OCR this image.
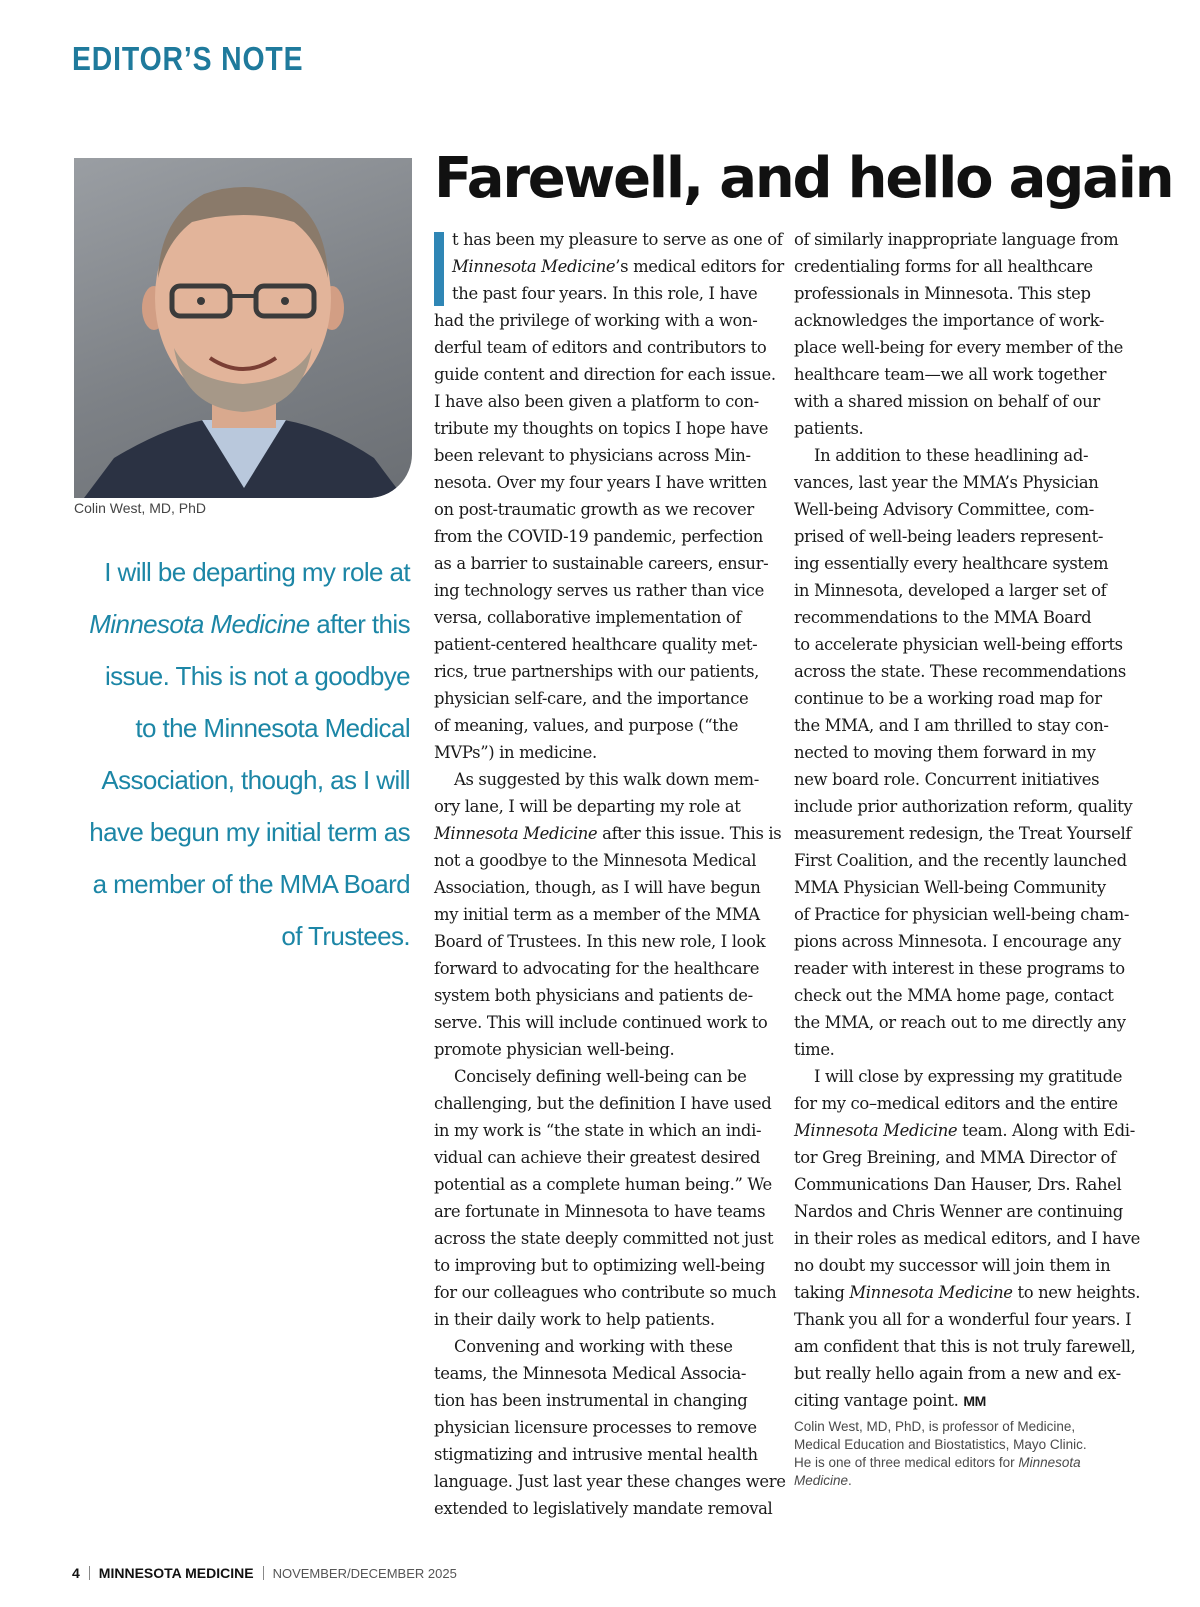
EDITOR’S NOTE
Colin West, MD, PhD
I will be departing my role at
Minnesota Medicine after this
issue. This is not a goodbye
to the Minnesota Medical
Association, though, as I will
have begun my initial term as
a member of the MMA Board
of Trustees.
Farewell, and hello again

t has been my pleasure to serve as one of
Minnesota Medicine’s medical editors for
the past four years. In this role, I have
had the privilege of working with a won-
derful team of editors and contributors to
guide content and direction for each issue.
I have also been given a platform to con-
tribute my thoughts on topics I hope have
been relevant to physicians across Min-
nesota. Over my four years I have written
on post-traumatic growth as we recover
from the COVID-19 pandemic, perfection
as a barrier to sustainable careers, ensur-
ing technology serves us rather than vice
versa, collaborative implementation of
patient-centered healthcare quality met-
rics, true partnerships with our patients,
physician self-care, and the importance
of meaning, values, and purpose (“the
MVPs”) in medicine.

As suggested by this walk down mem-
ory lane, I will be departing my role at
Minnesota Medicine after this issue. This is
not a goodbye to the Minnesota Medical
Association, though, as I will have begun
my initial term as a member of the MMA
Board of Trustees. In this new role, I look
forward to advocating for the healthcare
system both physicians and patients de-
serve. This will include continued work to
promote physician well-being.

Concisely defining well-being can be
challenging, but the definition I have used
in my work is “the state in which an indi-
vidual can achieve their greatest desired
potential as a complete human being.” We
are fortunate in Minnesota to have teams
across the state deeply committed not just
to improving but to optimizing well-being
for our colleagues who contribute so much
in their daily work to help patients.

Convening and working with these
teams, the Minnesota Medical Associa-
tion has been instrumental in changing
physician licensure processes to remove
stigmatizing and intrusive mental health
language. Just last year these changes were
extended to legislatively mandate removal

of similarly inappropriate language from
credentialing forms for all healthcare
professionals in Minnesota. This step
acknowledges the importance of work-
place well-being for every member of the
healthcare team—we all work together
with a shared mission on behalf of our
patients.

In addition to these headlining ad-
vances, last year the MMA’s Physician
Well-being Advisory Committee, com-
prised of well-being leaders represent-
ing essentially every healthcare system
in Minnesota, developed a larger set of
recommendations to the MMA Board
to accelerate physician well-being efforts
across the state. These recommendations
continue to be a working road map for
the MMA, and I am thrilled to stay con-
nected to moving them forward in my
new board role. Concurrent initiatives
include prior authorization reform, quality
measurement redesign, the Treat Yourself
First Coalition, and the recently launched
MMA Physician Well-being Community
of Practice for physician well-being cham-
pions across Minnesota. I encourage any
reader with interest in these programs to
check out the MMA home page, contact
the MMA, or reach out to me directly any
time.

I will close by expressing my gratitude
for my co–medical editors and the entire
Minnesota Medicine team. Along with Edi-
tor Greg Breining, and MMA Director of
Communications Dan Hauser, Drs. Rahel
Nardos and Chris Wenner are continuing
in their roles as medical editors, and I have
no doubt my successor will join them in
taking Minnesota Medicine to new heights.
Thank you all for a wonderful four years. I
am confident that this is not truly farewell,
but really hello again from a new and ex-
citing vantage point. MM

Colin West, MD, PhD, is professor of Medicine,
Medical Education and Biostatistics, Mayo Clinic.
He is one of three medical editors for Minnesota
Medicine.
4 MINNESOTA MEDICINE NOVEMBER/DECEMBER 2025
